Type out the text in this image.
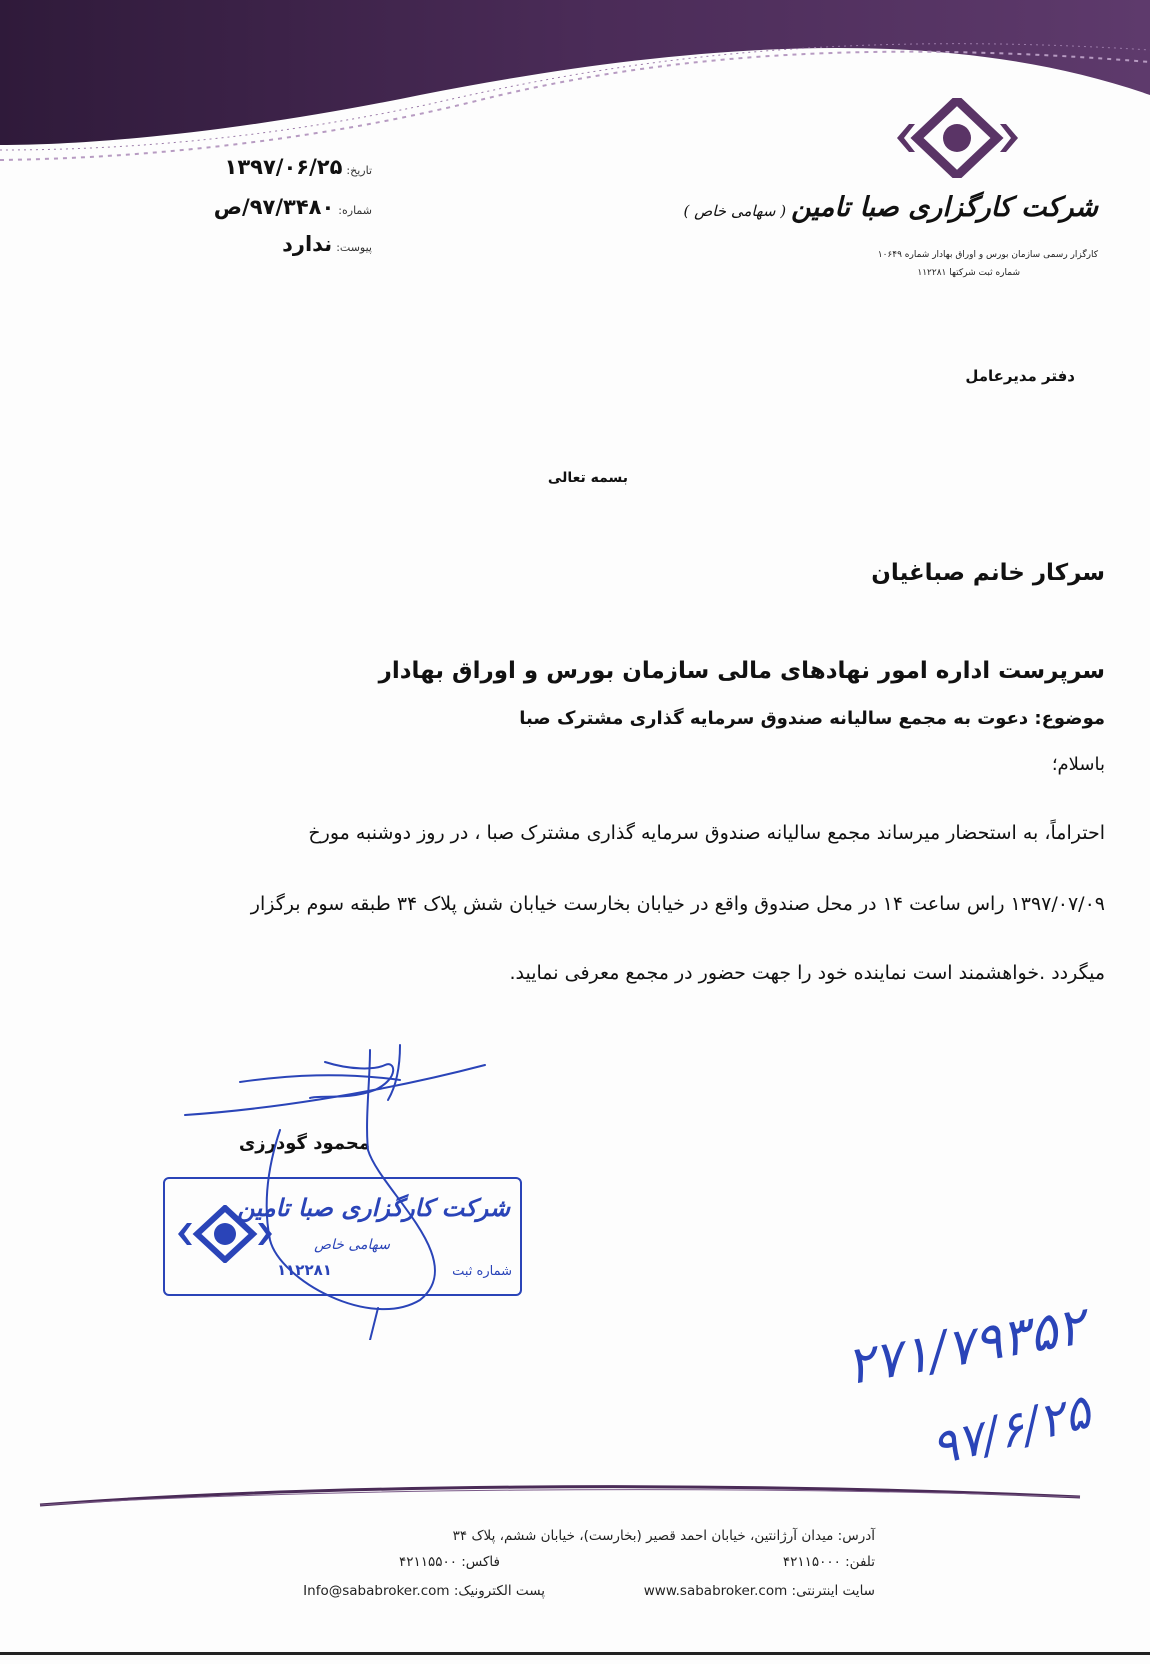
شرکت کارگزاری صبا تامین ( سهامی خاص )
کارگزار رسمی سازمان بورس و اوراق بهادار شماره ۱۰۶۴۹
شماره ثبت شرکتها ۱۱۲۲۸۱
تاریخ:
۱۳۹۷/۰۶/۲۵
شماره:
۹۷/۳۴۸۰/ص
پیوست:
ندارد
دفتر مدیرعامل
بسمه تعالی
سرکار خانم صباغیان
سرپرست اداره امور نهادهای مالی سازمان بورس و اوراق بهادار
موضوع: دعوت به مجمع سالیانه صندوق سرمایه گذاری مشترک صبا
باسلام؛
احتراماً، به استحضار میرساند مجمع سالیانه صندوق سرمایه گذاری مشترک صبا ، در روز دوشنبه مورخ
۱۳۹۷/۰۷/۰۹ راس ساعت ۱۴ در محل صندوق واقع در خیابان بخارست خیابان شش پلاک ۳۴ طبقه سوم برگزار
میگردد .خواهشمند است نماینده خود را جهت حضور در مجمع معرفی نمایید.
محمود گودرزی
شرکت کارگزاری صبا تامین
سهامی خاص
شماره ثبت
۱۱۲۲۸۱
۲۷۱/۷۹۳۵۲
۹۷/۶/۲۵
آدرس: میدان آرژانتین، خیابان احمد قصیر (بخارست)، خیابان ششم، پلاک ۳۴
تلفن: ۴۲۱۱۵۰۰۰
فاکس: ۴۲۱۱۵۵۰۰
سایت اینترنتی: www.sababroker.com
پست الکترونیک: Info@sababroker.com
